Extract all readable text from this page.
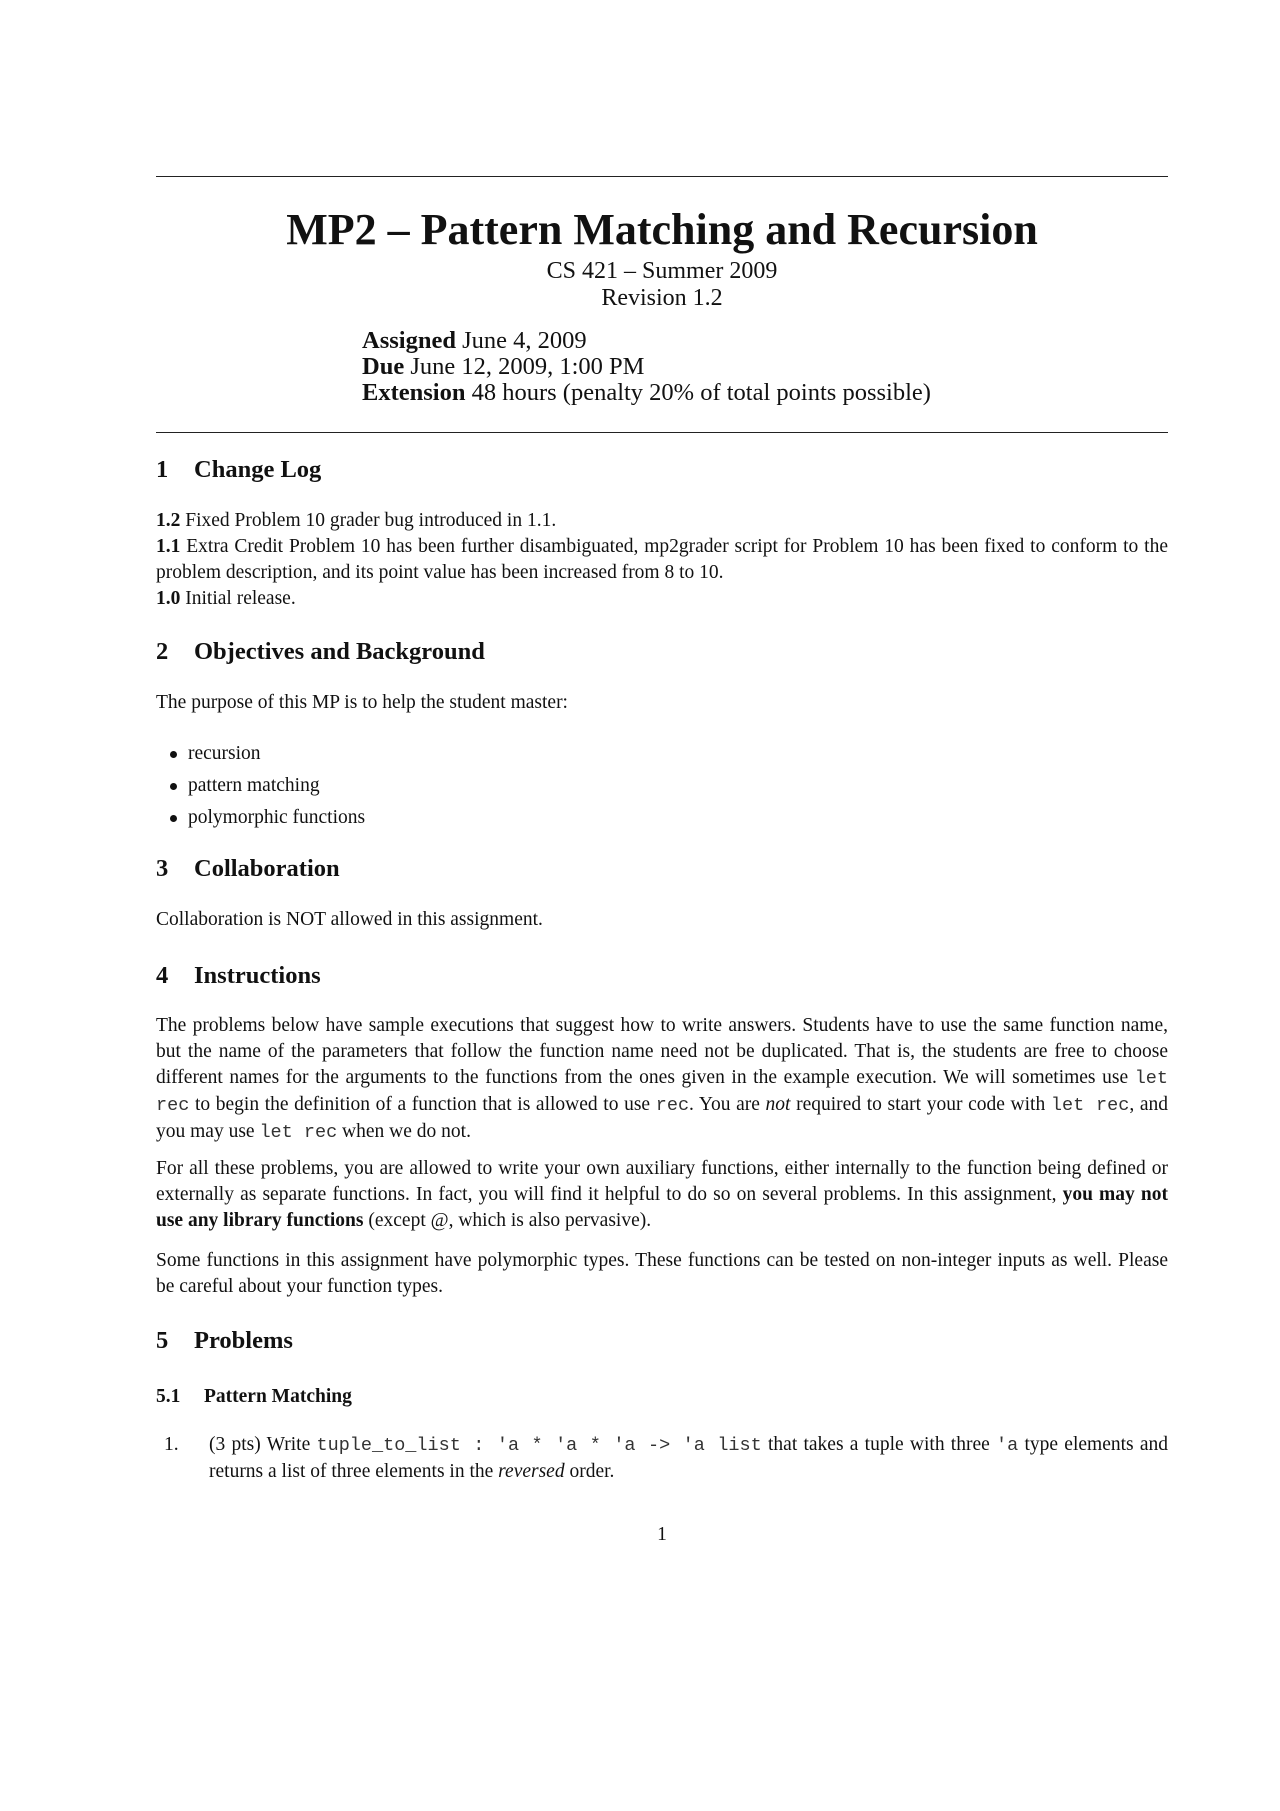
MP2 – Pattern Matching and Recursion
CS 421 – Summer 2009
Revision 1.2
Assigned June 4, 2009
Due June 12, 2009, 1:00 PM
Extension 48 hours (penalty 20% of total points possible)
1 Change Log

1.2 Fixed Problem 10 grader bug introduced in 1.1.

1.1 Extra Credit Problem 10 has been further disambiguated, mp2grader script for Problem 10 has been fixed to conform to the problem description, and its point value has been increased from 8 to 10.

1.0 Initial release.

2 Objectives and Background
The purpose of this MP is to help the student master:
recursion
pattern matching
polymorphic functions
3 Collaboration
Collaboration is NOT allowed in this assignment.
4 Instructions
The problems below have sample executions that suggest how to write answers. Students have to use the same function name, but the name of the parameters that follow the function name need not be duplicated. That is, the students are free to choose different names for the arguments to the functions from the ones given in the example execution. We will sometimes use let rec to begin the definition of a function that is allowed to use rec. You are not required to start your code with let rec, and you may use let rec when we do not.
For all these problems, you are allowed to write your own auxiliary functions, either internally to the function being defined or externally as separate functions. In fact, you will find it helpful to do so on several problems. In this assignment, you may not use any library functions (except @, which is also pervasive).
Some functions in this assignment have polymorphic types. These functions can be tested on non-integer inputs as well. Please be careful about your function types.
5 Problems
5.1 Pattern Matching
1. (3 pts) Write tuple_to_list : 'a * 'a * 'a -> 'a list that takes a tuple with three 'a type elements and returns a list of three elements in the reversed order.
1
